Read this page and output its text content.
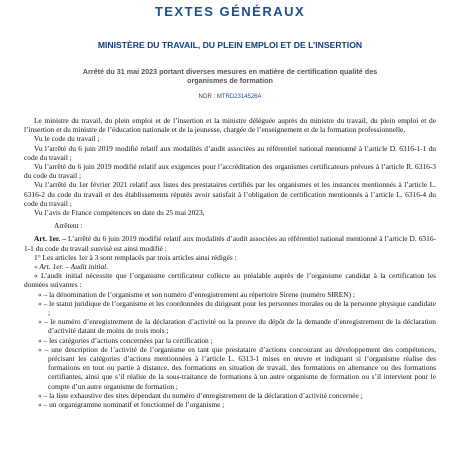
TEXTES GÉNÉRAUX
MINISTÈRE DU TRAVAIL, DU PLEIN EMPLOI ET DE L’INSERTION
Arrêté du 31 mai 2023 portant diverses mesures en matière de certification qualité des organismes de formation
NOR : MTRD2314526A

Le ministre du travail, du plein emploi et de l’insertion et la ministre déléguée auprès du ministre du travail, du plein emploi et de l’insertion et du ministre de l’éducation nationale et de la jeunesse, chargée de l’enseignement et de la formation professionnelle,

Vu le code du travail ;

Vu l’arrêté du 6 juin 2019 modifié relatif aux modalités d’audit associées au référentiel national mentionné à l’article D. 6316-1-1 du code du travail ;

Vu l’arrêté du 6 juin 2019 modifié relatif aux exigences pour l’accréditation des organismes certificateurs prévues à l’article R. 6316-3 du code du travail ;

Vu l’arrêté du 1er février 2021 relatif aux listes des prestataires certifiés par les organismes et les instances mentionnés à l’article L. 6316-2 du code du travail et des établissements réputés avoir satisfait à l’obligation de certification mentionnés à l’article L. 6316-4 du code du travail ;

Vu l’avis de France compétences en date du 25 mai 2023,

Arrêtent :

Art. 1er. – L’arrêté du 6 juin 2019 modifié relatif aux modalités d’audit associées au référentiel national mentionné à l’article D. 6316-1-1 du code du travail susvisé est ainsi modifié :

1° Les articles 1er à 3 sont remplacés par trois articles ainsi rédigés :

« Art. 1er. – Audit initial.

« L’audit initial nécessite que l’organisme certificateur collecte au préalable auprès de l’organisme candidat à la certification les données suivantes :

« – la dénomination de l’organisme et son numéro d’enregistrement au répertoire Sirene (numéro SIREN) ;

« – le statut juridique de l’organisme et les coordonnées du dirigeant pour les personnes morales ou de la personne physique candidate ;

« – le numéro d’enregistrement de la déclaration d’activité ou la preuve du dépôt de la demande d’enregistrement de la déclaration d’activité datant de moins de trois mois ;

« – les catégories d’actions concernées par la certification ;

« – une description de l’activité de l’organisme en tant que prestataire d’actions concourant au développement des compétences, précisant les catégories d’actions mentionnées à l’article L. 6313-1 mises en œuvre et indiquant si l’organisme réalise des formations en tout ou partie à distance, des formations en situation de travail, des formations en alternance ou des formations certifiantes, ainsi que s’il réalise de la sous-traitance de formations à un autre organisme de formation ou s’il intervient pour le compte d’un autre organisme de formation ;

« – la liste exhaustive des sites dépendant du numéro d’enregistrement de la déclaration d’activité concernée ;

« – un organigramme nominatif et fonctionnel de l’organisme ;
